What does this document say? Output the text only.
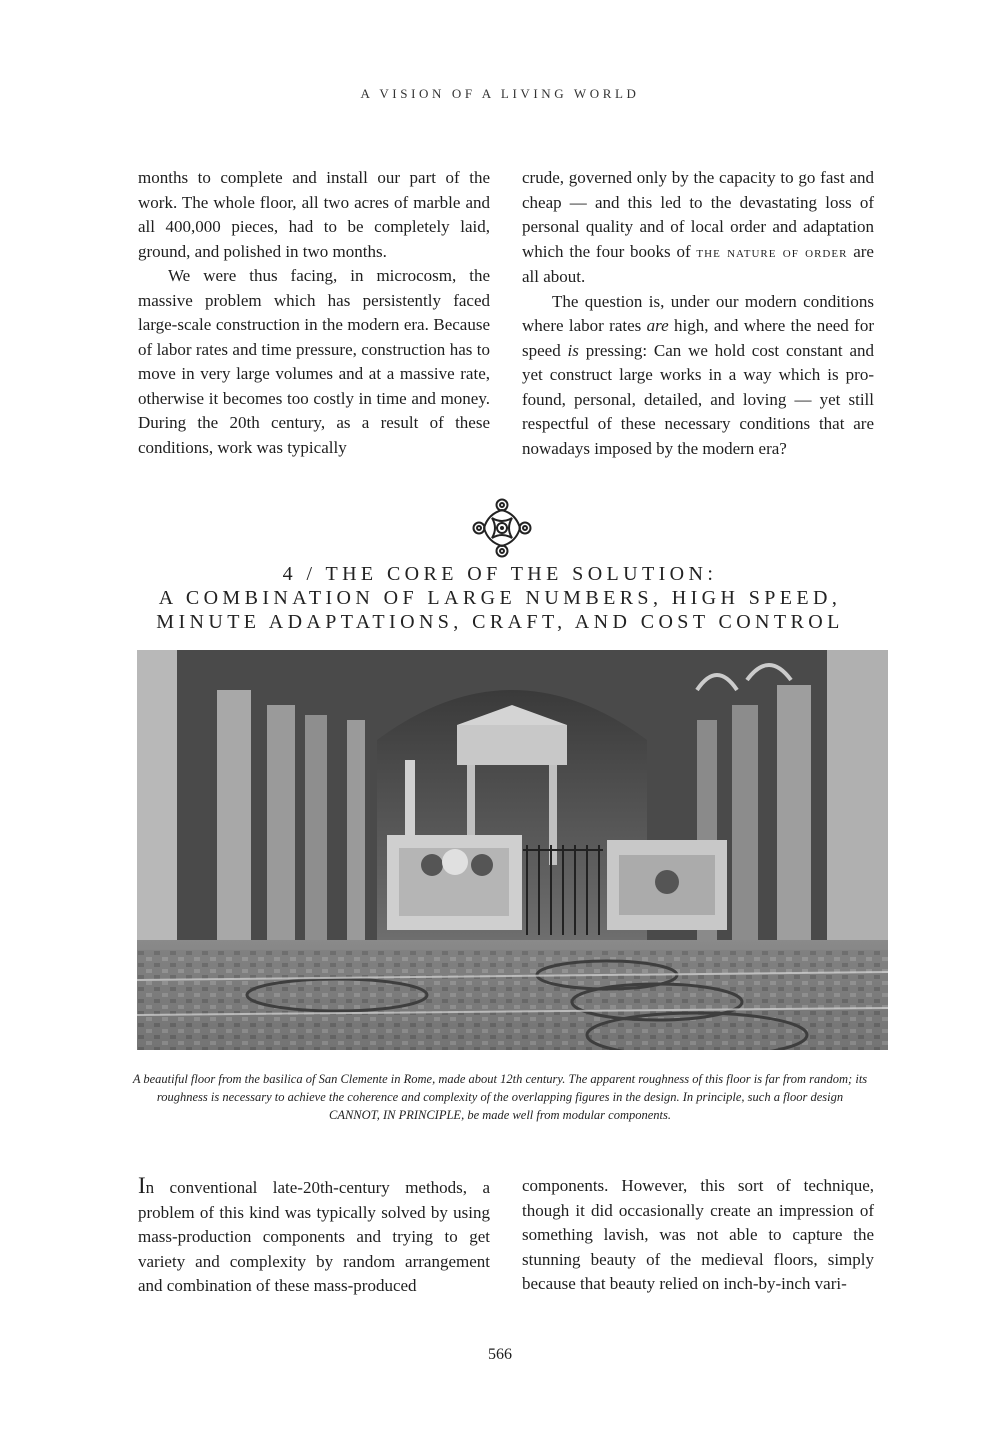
A VISION OF A LIVING WORLD

months to complete and install our part of the work. The whole floor, all two acres of marble and all 400,000 pieces, had to be completely laid, ground, and polished in two months.

We were thus facing, in microcosm, the massive problem which has persistently faced large-scale construction in the modern era. Because of labor rates and time pressure, construction has to move in very large volumes and at a massive rate, otherwise it becomes too costly in time and money. During the 20th century, as a result of these conditions, work was typically

crude, governed only by the capacity to go fast and cheap — and this led to the devastating loss of personal quality and of local order and adaptation which the four books of the nature of order are all about.

The question is, under our modern conditions where labor rates are high, and where the need for speed is pressing: Can we hold cost constant and yet construct large works in a way which is profound, personal, detailed, and loving — yet still respectful of these necessary conditions that are nowadays imposed by the modern era?

4 / THE CORE OF THE SOLUTION:
A COMBINATION OF LARGE NUMBERS, HIGH SPEED,
MINUTE ADAPTATIONS, CRAFT, AND COST CONTROL
A beautiful floor from the basilica of San Clemente in Rome, made about 12th century. The apparent roughness of this floor is far from random; its roughness is necessary to achieve the coherence and complexity of the overlapping figures in the design. In principle, such a floor design CANNOT, IN PRINCIPLE, be made well from modular components.

In conventional late-20th-century methods, a problem of this kind was typically solved by using mass-production components and trying to get variety and complexity by random arrangement and combination of these mass-produced

components. However, this sort of technique, though it did occasionally create an impression of something lavish, was not able to capture the stunning beauty of the medieval floors, simply because that beauty relied on inch-by-inch vari-

566
